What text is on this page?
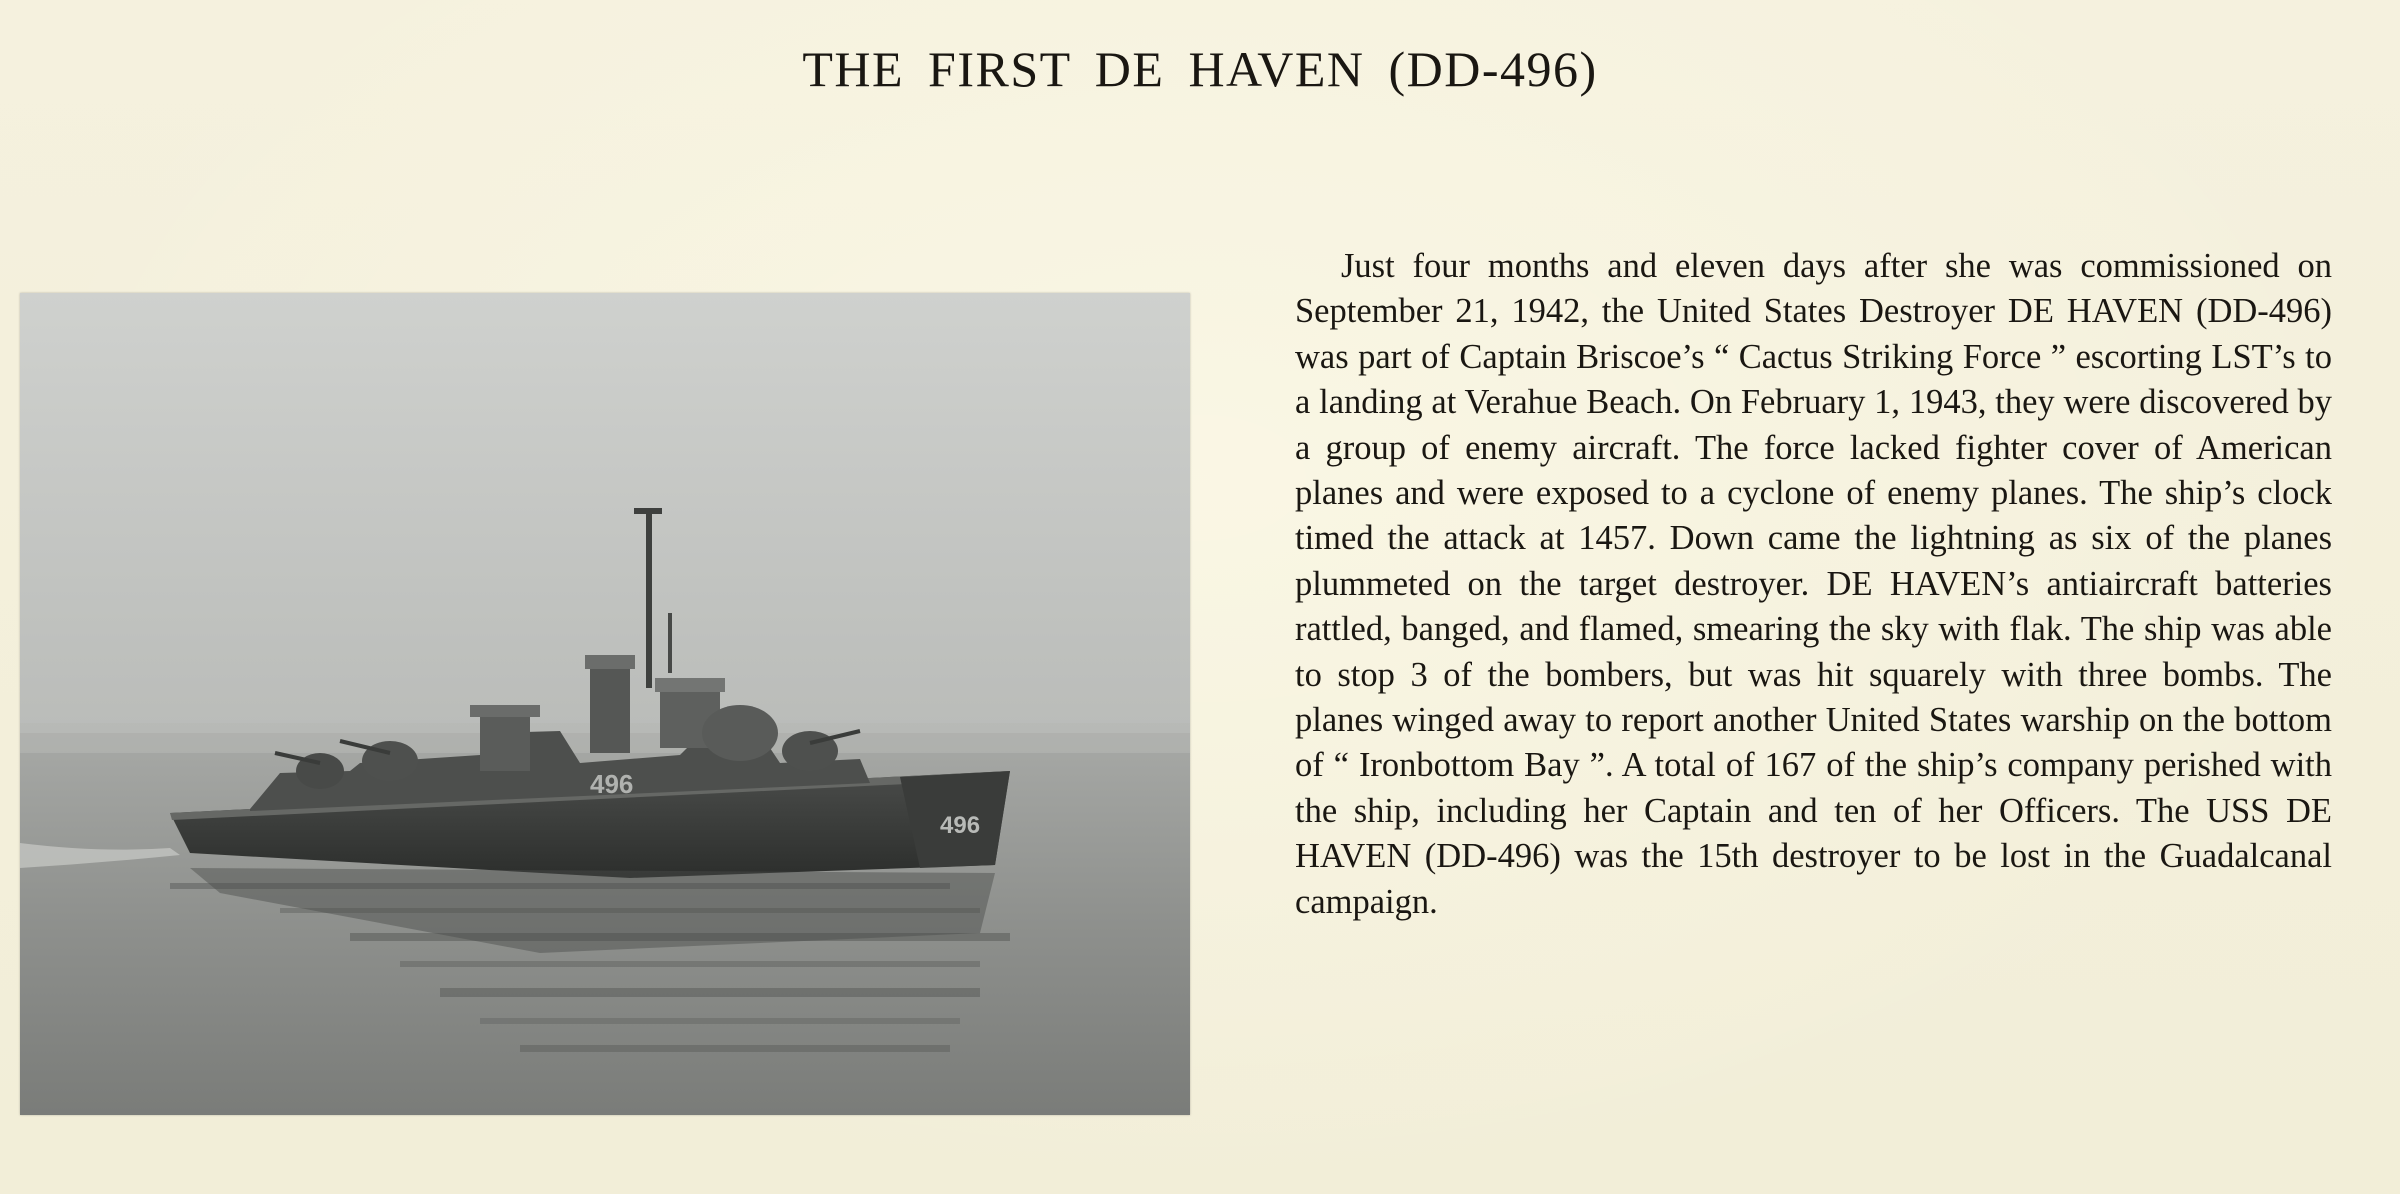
THE FIRST DE HAVEN (DD-496)
496
496

Just four months and eleven days after she was commissioned on September 21, 1942, the United States Destroyer DE HAVEN (DD-496) was part of Captain Briscoe’s “ Cactus Striking Force ” escorting LST’s to a landing at Verahue Beach. On February 1, 1943, they were discovered by a group of enemy aircraft. The force lacked fighter cover of American planes and were exposed to a cyclone of enemy planes. The ship’s clock timed the attack at 1457. Down came the lightning as six of the planes plummeted on the target destroyer. DE HAVEN’s antiaircraft batteries rattled, banged, and flamed, smearing the sky with flak. The ship was able to stop 3 of the bombers, but was hit squarely with three bombs. The planes winged away to report another United States warship on the bottom of “ Ironbottom Bay ”. A total of 167 of the ship’s company perished with the ship, including her Captain and ten of her Officers. The USS DE HAVEN (DD-496) was the 15th destroyer to be lost in the Guadalcanal campaign.
